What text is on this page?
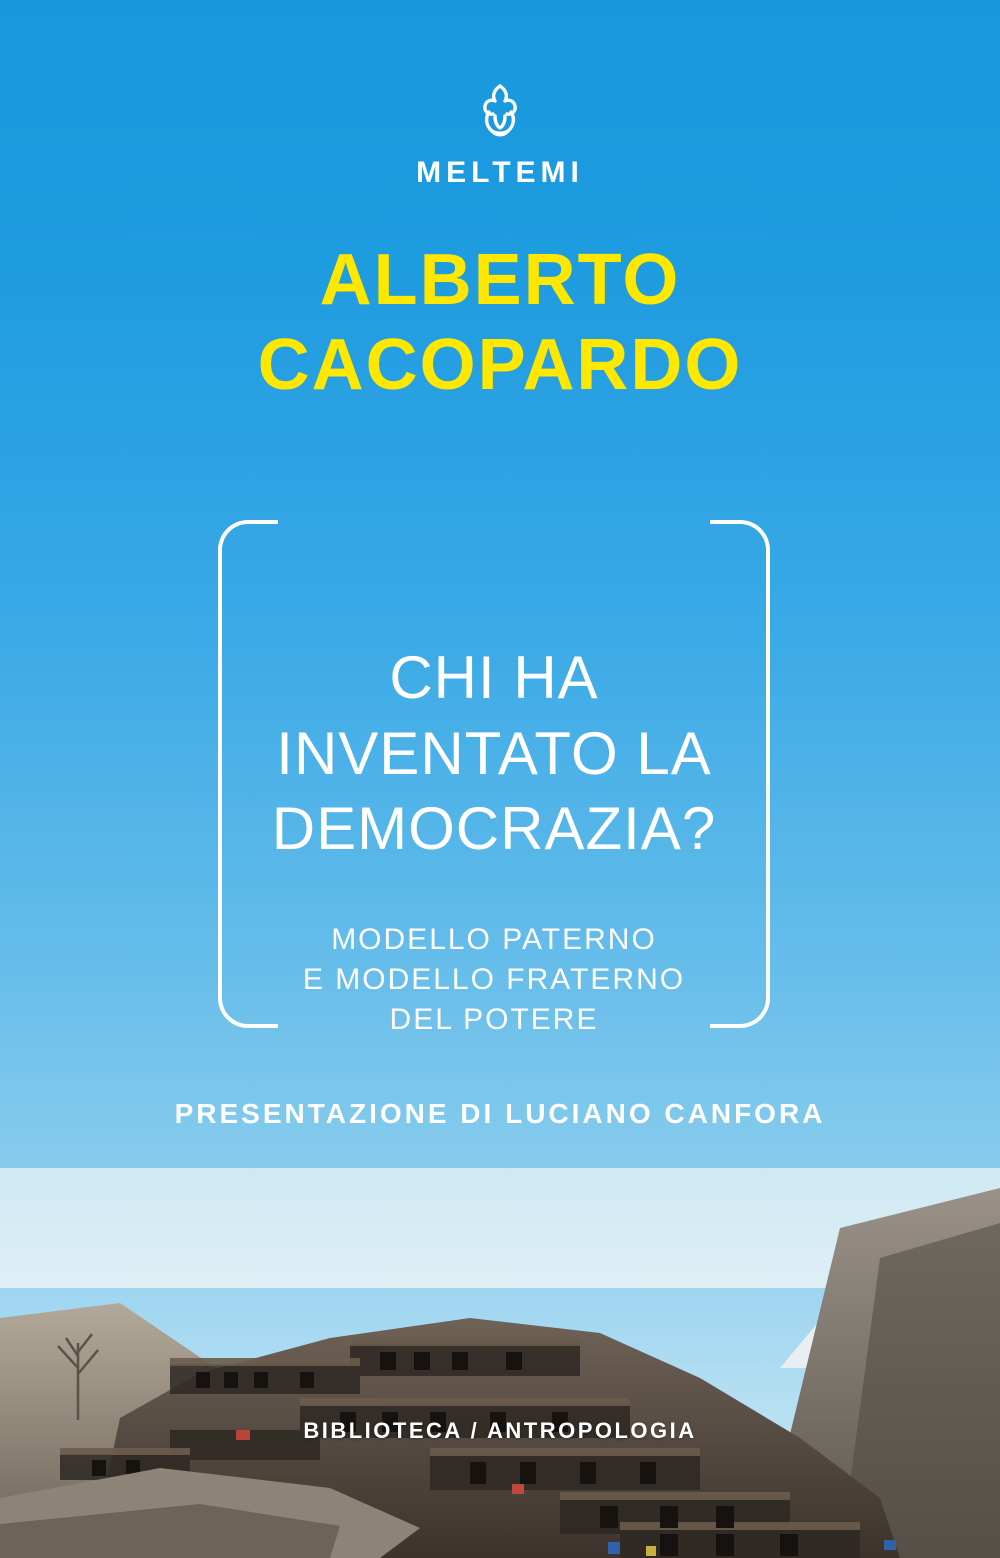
MELTEMI
ALBERTO
CACOPARDO
CHI HA
INVENTATO LA
DEMOCRAZIA?
MODELLO PATERNO
E MODELLO FRATERNO
DEL POTERE
PRESENTAZIONE DI LUCIANO CANFORA
BIBLIOTECA / ANTROPOLOGIA
